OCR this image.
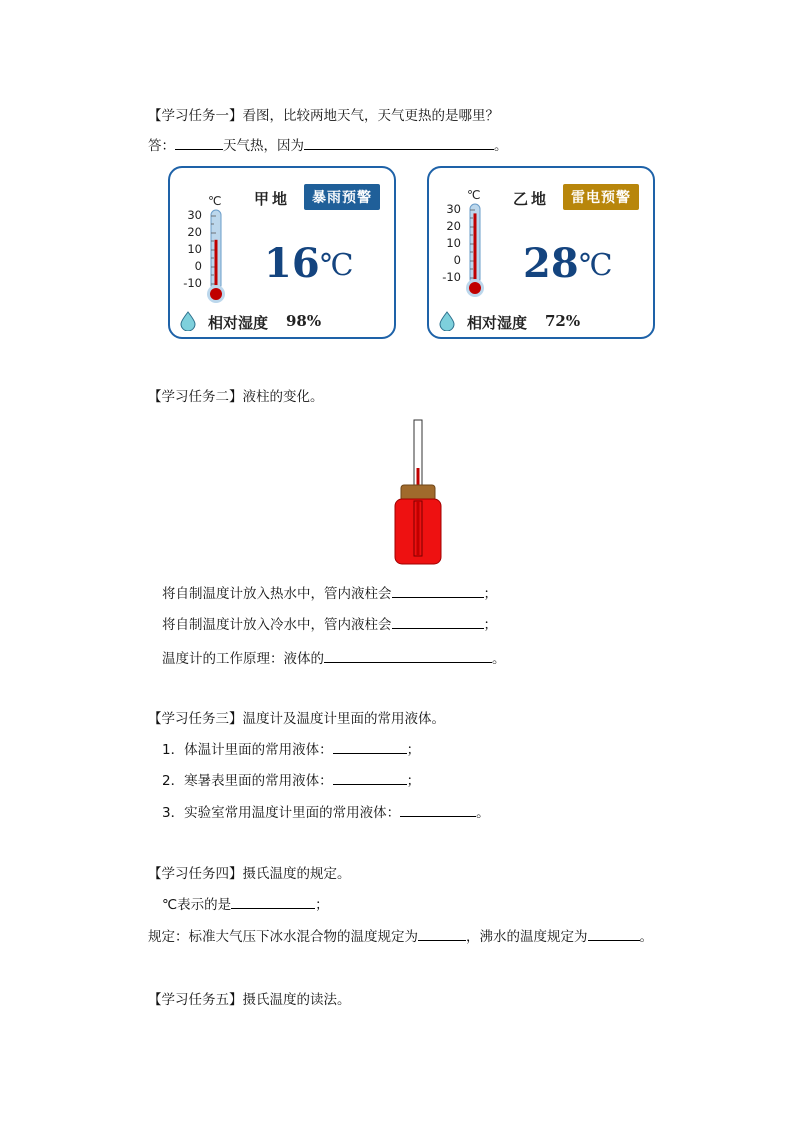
【学习任务一】看图，比较两地天气，天气更热的是哪里？
答：	天气热，因为	。
℃
30
20
10
0
-10
甲地	暴雨预警
16 ℃
相对湿度 98%
℃
30
20
10
0
-10
乙地	雷电预警
28 ℃
相对湿度 72%
【学习任务二】液柱的变化。
将自制温度计放入热水中，管内液柱会	；
将自制温度计放入冷水中，管内液柱会	；
温度计的工作原理：液体的	。
【学习任务三】温度计及温度计里面的常用液体。
1．体温计里面的常用液体：	；
2．寒暑表里面的常用液体：	；
3．实验室常用温度计里面的常用液体：	。
【学习任务四】摄氏温度的规定。
℃表示的是	；
规定：标准大气压下冰水混合物的温度规定为	，沸水的温度规定为	。
【学习任务五】摄氏温度的读法。
